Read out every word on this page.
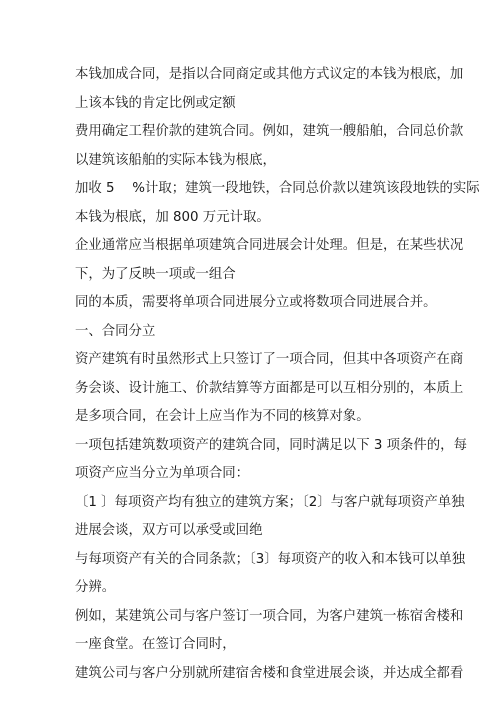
本钱加成合同，是指以合同商定或其他方式议定的本钱为根底，加
上该本钱的肯定比例或定额
费用确定工程价款的建筑合同。例如，建筑一艘船舶，合同总价款
以建筑该船舶的实际本钱为根底，
加收 5　 %计取；建筑一段地铁，合同总价款以建筑该段地铁的实际
本钱为根底，加 800 万元计取。
企业通常应当根据单项建筑合同进展会计处理。但是，在某些状况
下，为了反映一项或一组合
同的本质，需要将单项合同进展分立或将数项合同进展合并。
一、合同分立
资产建筑有时虽然形式上只签订了一项合同，但其中各项资产在商
务会谈、设计施工、价款结算等方面都是可以互相分别的，本质上
是多项合同，在会计上应当作为不同的核算对象。
一项包括建筑数项资产的建筑合同，同时满足以下 3 项条件的，每
项资产应当分立为单项合同：
〔1 〕每项资产均有独立的建筑方案；〔2〕与客户就每项资产单独
进展会谈，双方可以承受或回绝
与每项资产有关的合同条款；〔3〕每项资产的收入和本钱可以单独
分辨。
例如，某建筑公司与客户签订一项合同，为客户建筑一栋宿舍楼和
一座食堂。在签订合同时，
建筑公司与客户分别就所建宿舍楼和食堂进展会谈，并达成全都看
